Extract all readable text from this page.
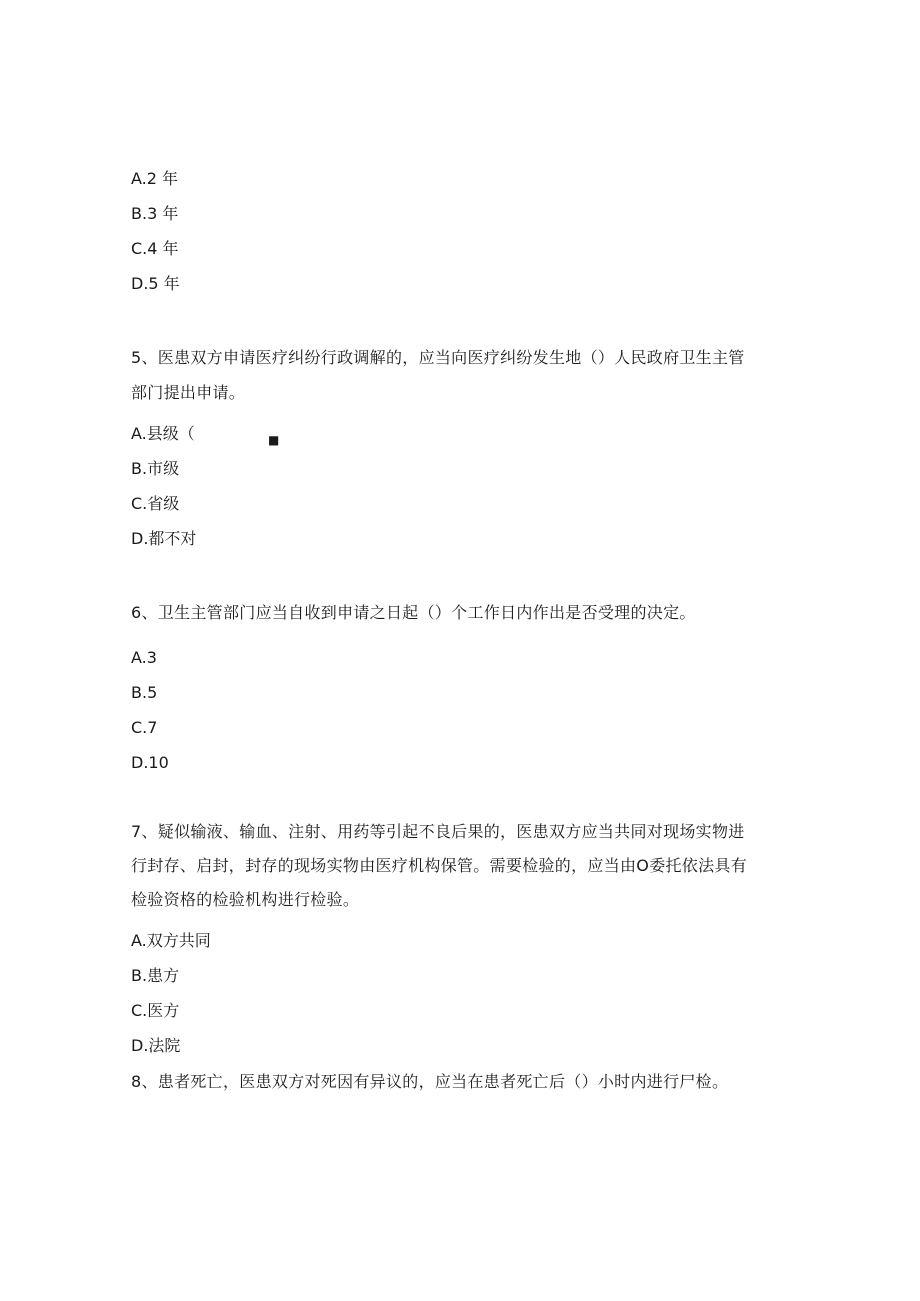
A.2 年
B.3 年
C.4 年
D.5 年
5、医患双方申请医疗纠纷行政调解的，应当向医疗纠纷发生地（）人民政府卫生主管
部门提出申请。
A.县级（	■
B.市级
C.省级
D.都不对
6、卫生主管部门应当自收到申请之日起（）个工作日内作出是否受理的决定。
A.3
B.5
C.7
D.10
7、疑似输液、输血、注射、用药等引起不良后果的，医患双方应当共同对现场实物进
行封存、启封，封存的现场实物由医疗机构保管。需要检验的，应当由O委托依法具有
检验资格的检验机构进行检验。
A.双方共同
B.患方
C.医方
D.法院
8、患者死亡，医患双方对死因有异议的，应当在患者死亡后（）小时内进行尸检。
